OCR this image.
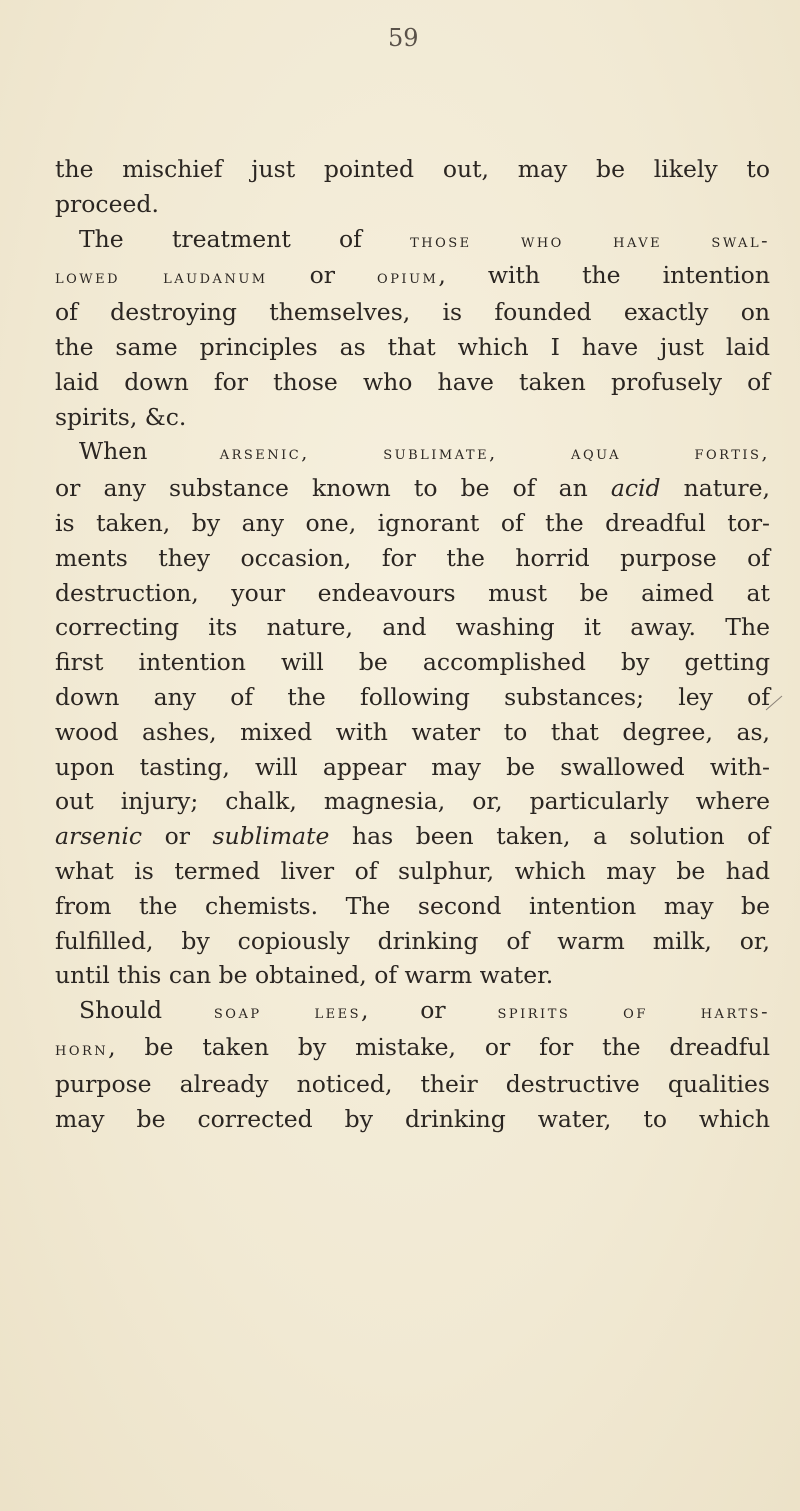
59
the mischief just pointed out, may be likely to
proceed.
The treatment of those who have swal-
lowed laudanum or opium, with the intention
of destroying themselves, is founded exactly on
the same principles as that which I have just laid
laid down for those who have taken profusely of
spirits, &c.
When arsenic, sublimate, aqua fortis,
or any substance known to be of an acid nature,
is taken, by any one, ignorant of the dreadful tor-
ments they occasion, for the horrid purpose of
destruction, your endeavours must be aimed at
correcting its nature, and washing it away. The
first intention will be accomplished by getting
down any of the following substances; ley of
wood ashes, mixed with water to that degree, as,
upon tasting, will appear may be swallowed with-
out injury; chalk, magnesia, or, particularly where
arsenic or sublimate has been taken, a solution of
what is termed liver of sulphur, which may be had
from the chemists. The second intention may be
fulfilled, by copiously drinking of warm milk, or,
until this can be obtained, of warm water.
Should soap lees, or spirits of harts-
horn, be taken by mistake, or for the dreadful
purpose already noticed, their destructive qualities
may be corrected by drinking water, to which
